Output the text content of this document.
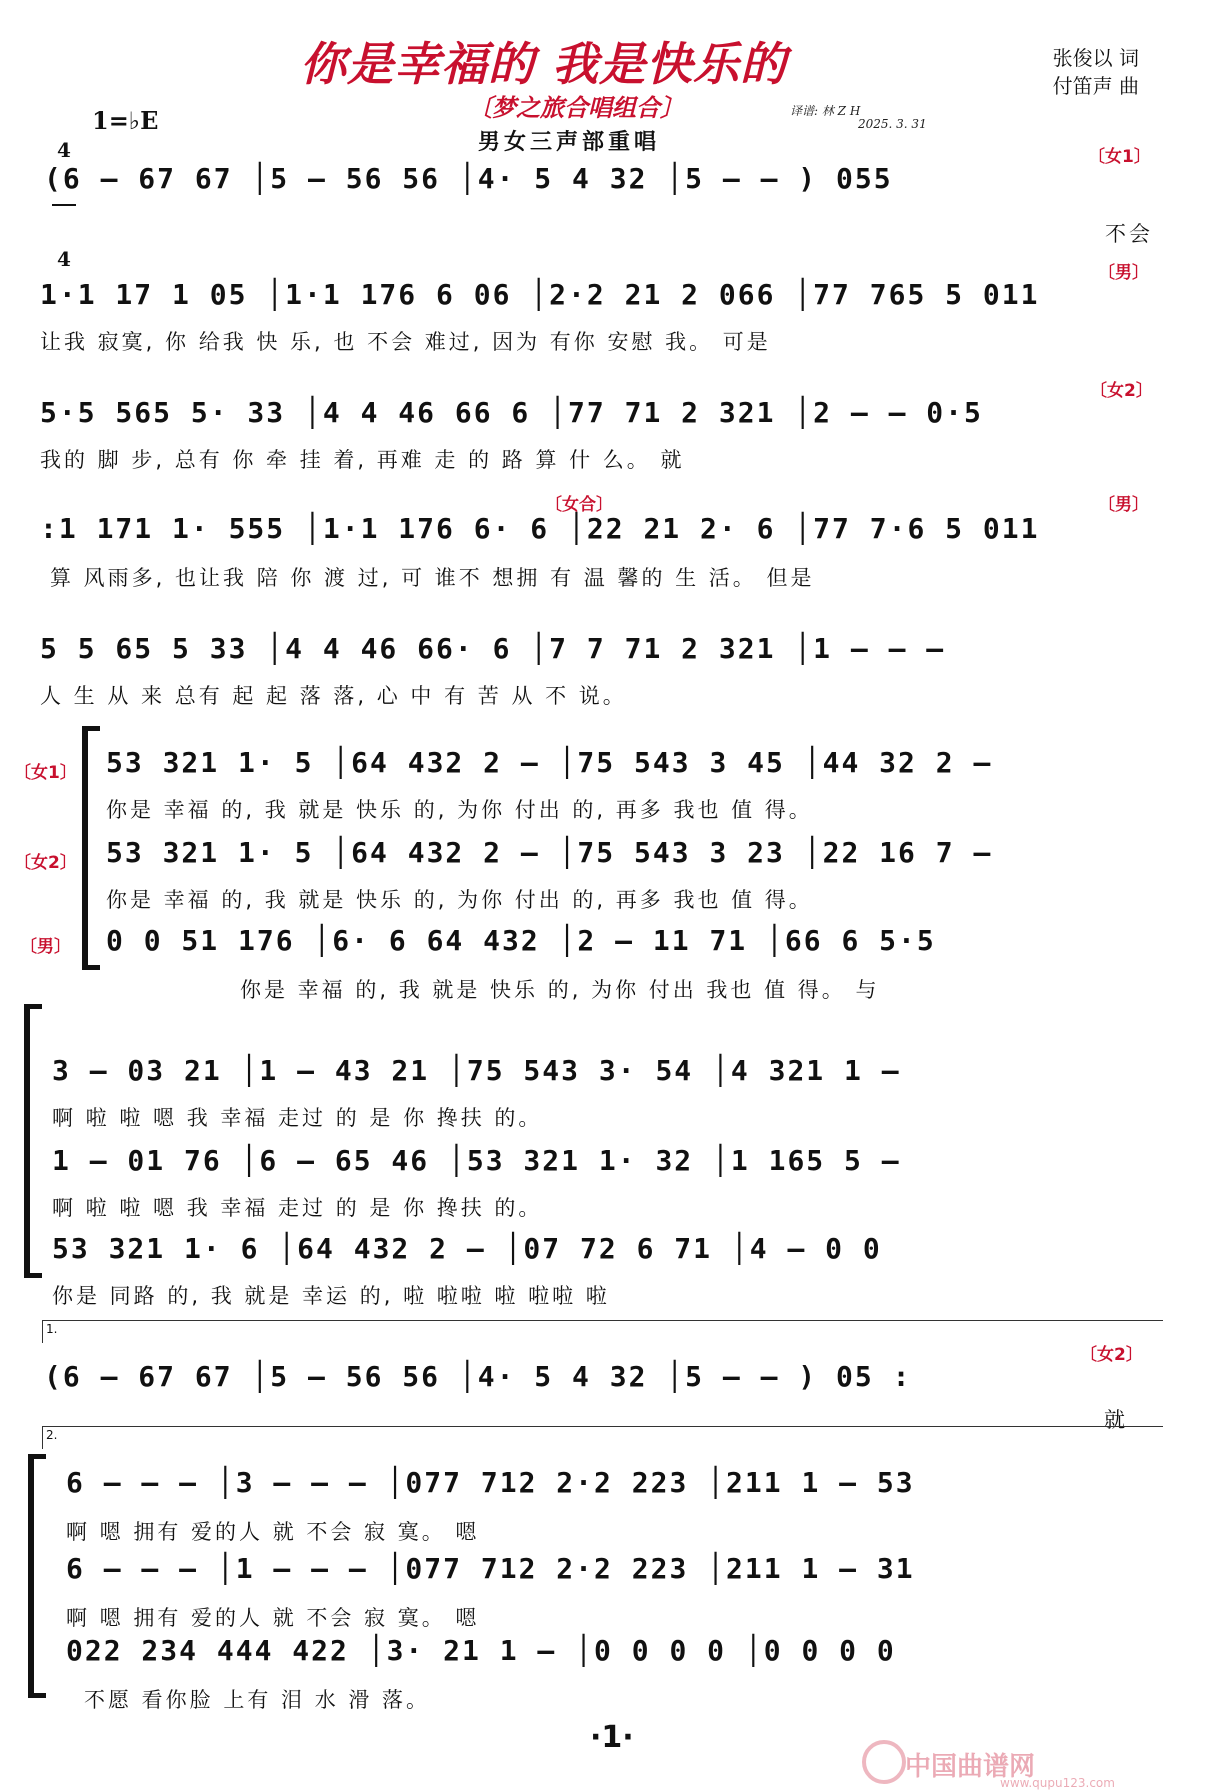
你是幸福的 我是快乐的
〔梦之旅合唱组合〕
男女三声部重唱
张俊以 词
付笛声 曲
译谱: 林 Z H
2025. 3. 31

4

4

1=♭E
(6 – 67 67 │5 – 56 56 │4· 5 4 32 │5 – – ) 055
〔女1〕
不会
1·1 17 1 05 │1·1 176 6 06 │2·2 21 2 066 │77 765 5 011
〔男〕
让我 寂寞, 你 给我 快 乐, 也 不会 难过, 因为 有你 安慰 我。 可是
5·5 565 5· 33 │4 4 46 66 6 │77 71 2 321 │2 – – 0·5
〔女2〕
我的 脚 步, 总有 你 牵 挂 着, 再难 走 的 路 算 什 么。 就
:1 171 1· 555 │1·1 176 6· 6 │22 21 2· 6 │77 7·6 5 011
〔女合〕	〔男〕
算 风雨多, 也让我 陪 你 渡 过, 可 谁不 想拥 有 温 馨的 生 活。 但是
5 5 65 5 33 │4 4 46 66· 6 │7 7 71 2 321 │1 – – –
人 生 从 来 总有 起 起 落 落, 心 中 有 苦 从 不 说。
〔女1〕
〔女2〕
〔男〕
53 321 1· 5 │64 432 2 – │75 543 3 45 │44 32 2 –
你是 幸福 的, 我 就是 快乐 的, 为你 付出 的, 再多 我也 值 得。
53 321 1· 5 │64 432 2 – │75 543 3 23 │22 16 7 –
你是 幸福 的, 我 就是 快乐 的, 为你 付出 的, 再多 我也 值 得。
0 0 51 176 │6· 6 64 432 │2 – 11 71 │66 6 5·5
你是 幸福 的, 我 就是 快乐 的, 为你 付出 我也 值 得。 与
3 – 03 21 │1 – 43 21 │75 543 3· 54 │4 321 1 –
啊 啦 啦 嗯 我 幸福 走过 的 是 你 搀扶 的。
1 – 01 76 │6 – 65 46 │53 321 1· 32 │1 165 5 –
啊 啦 啦 嗯 我 幸福 走过 的 是 你 搀扶 的。
53 321 1· 6 │64 432 2 – │07 72 6 71 │4 – 0 0
你是 同路 的, 我 就是 幸运 的, 啦 啦啦 啦 啦啦 啦
1.
(6 – 67 67 │5 – 56 56 │4· 5 4 32 │5 – – ) 05 :
〔女2〕
就
2.
6 – – – │3 – – – │077 712 2·2 223 │211 1 – 53
啊 嗯 拥有 爱的人 就 不会 寂 寞。 嗯
6 – – – │1 – – – │077 712 2·2 223 │211 1 – 31
啊 嗯 拥有 爱的人 就 不会 寂 寞。 嗯
022 234 444 422 │3· 21 1 – │0 0 0 0 │0 0 0 0
不愿 看你脸 上有 泪 水 滑 落。
·1·
中国曲谱网
www.qupu123.com
